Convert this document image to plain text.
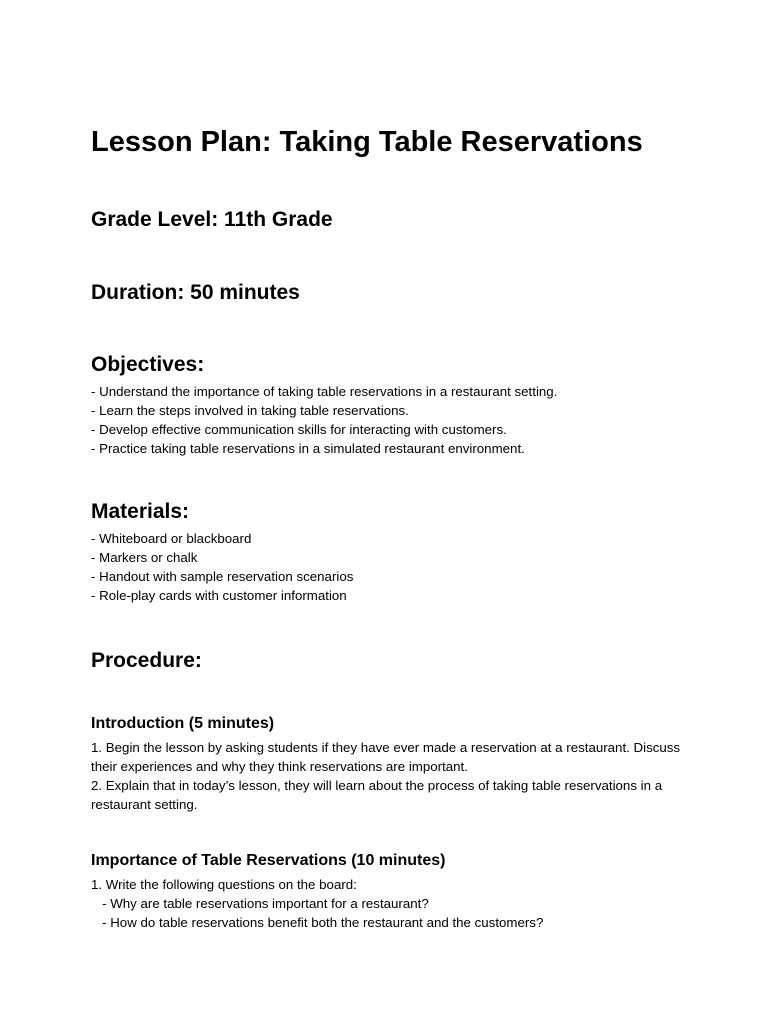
Lesson Plan: Taking Table Reservations
Grade Level: 11th Grade
Duration: 50 minutes
Objectives:
- Understand the importance of taking table reservations in a restaurant setting.
- Learn the steps involved in taking table reservations.
- Develop effective communication skills for interacting with customers.
- Practice taking table reservations in a simulated restaurant environment.
Materials:
- Whiteboard or blackboard
- Markers or chalk
- Handout with sample reservation scenarios
- Role-play cards with customer information
Procedure:
Introduction (5 minutes)

1. Begin the lesson by asking students if they have ever made a reservation at a restaurant. Discuss their experiences and why they think reservations are important.

2. Explain that in today’s lesson, they will learn about the process of taking table reservations in a restaurant setting.

Importance of Table Reservations (10 minutes)
1. Write the following questions on the board:
- Why are table reservations important for a restaurant?
- How do table reservations benefit both the restaurant and the customers?
